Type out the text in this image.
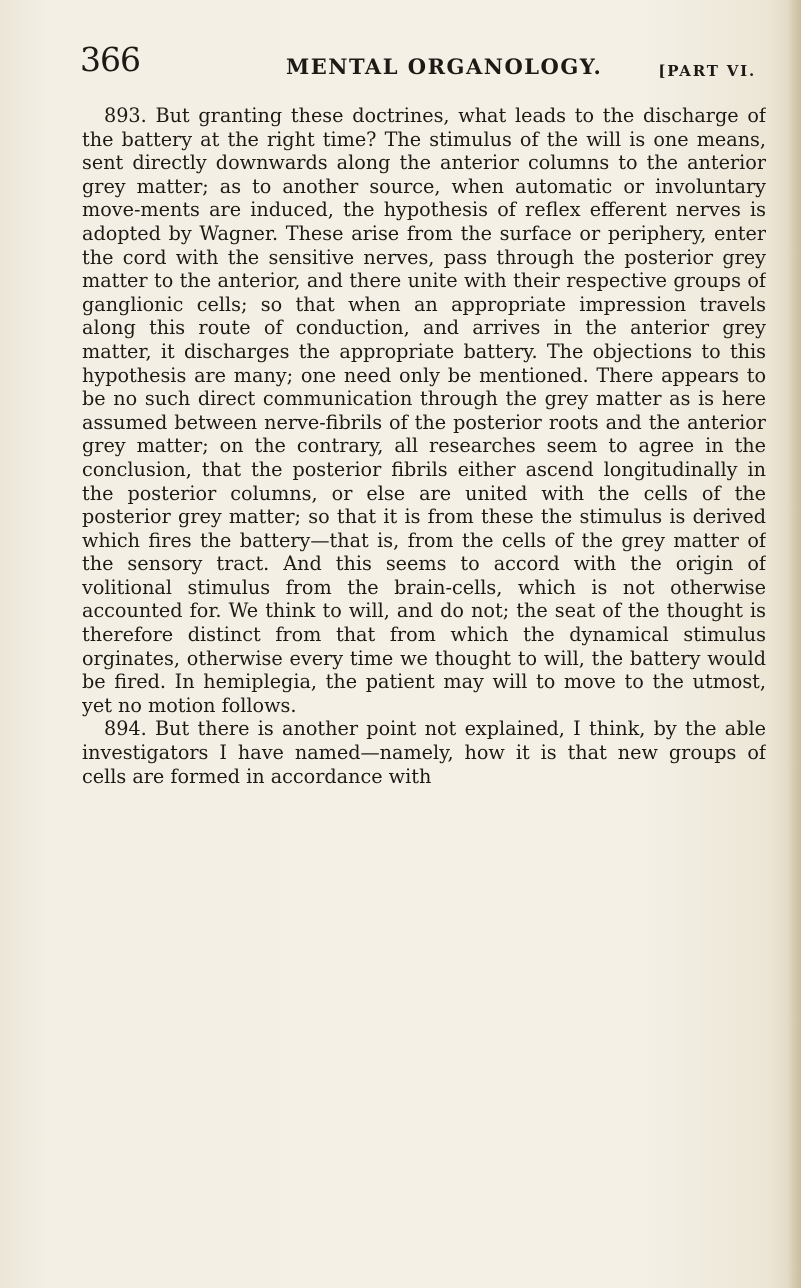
366	MENTAL ORGANOLOGY.	[PART VI.

893. But granting these doctrines, what leads to the discharge of the battery at the right time? The stimulus of the will is one means, sent directly downwards along the anterior columns to the anterior grey matter; as to another source, when automatic or involuntary move-ments are induced, the hypothesis of reflex efferent nerves is adopted by Wagner. These arise from the surface or periphery, enter the cord with the sensitive nerves, pass through the posterior grey matter to the anterior, and there unite with their respective groups of ganglionic cells; so that when an appropriate impression travels along this route of conduction, and arrives in the anterior grey matter, it discharges the appropriate battery. The objections to this hypothesis are many; one need only be mentioned. There appears to be no such direct communication through the grey matter as is here assumed between nerve-fibrils of the posterior roots and the anterior grey matter; on the contrary, all researches seem to agree in the conclusion, that the posterior fibrils either ascend longitudinally in the posterior columns, or else are united with the cells of the posterior grey matter; so that it is from these the stimulus is derived which fires the battery—that is, from the cells of the grey matter of the sensory tract. And this seems to accord with the origin of volitional stimulus from the brain-cells, which is not otherwise accounted for. We think to will, and do not; the seat of the thought is therefore distinct from that from which the dynamical stimulus orginates, otherwise every time we thought to will, the battery would be fired. In hemiplegia, the patient may will to move to the utmost, yet no motion follows.

894. But there is another point not explained, I think, by the able investigators I have named—namely, how it is that new groups of cells are formed in accordance with
